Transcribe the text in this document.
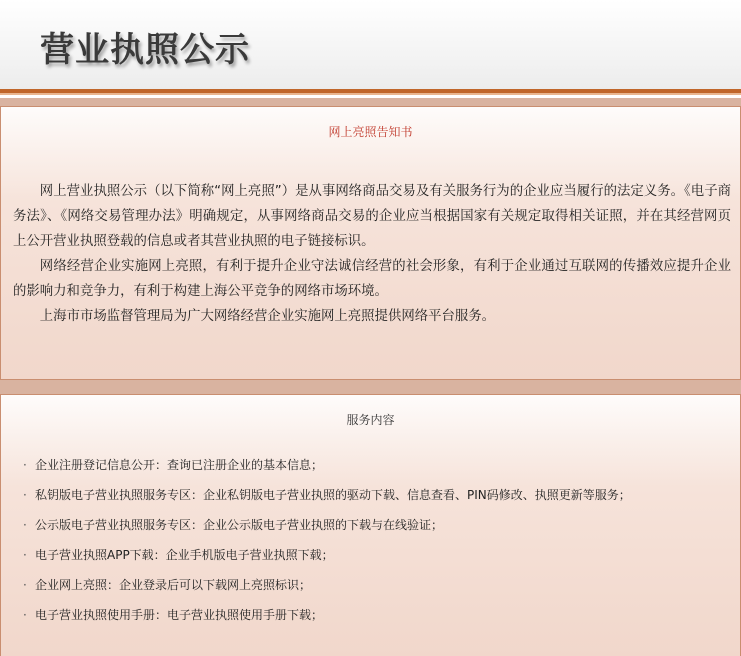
营业执照公示
网上亮照告知书

网上营业执照公示（以下简称“网上亮照”）是从事网络商品交易及有关服务行为的企业应当履行的法定义务。《电子商务法》、《网络交易管理办法》明确规定，从事网络商品交易的企业应当根据国家有关规定取得相关证照，并在其经营网页上公开营业执照登载的信息或者其营业执照的电子链接标识。

网络经营企业实施网上亮照，有利于提升企业守法诚信经营的社会形象，有利于企业通过互联网的传播效应提升企业的影响力和竞争力，有利于构建上海公平竞争的网络市场环境。

上海市市场监督管理局为广大网络经营企业实施网上亮照提供网络平台服务。

服务内容
· 企业注册登记信息公开：查询已注册企业的基本信息；
· 私钥版电子营业执照服务专区：企业私钥版电子营业执照的驱动下载、信息查看、PIN码修改、执照更新等服务；
· 公示版电子营业执照服务专区：企业公示版电子营业执照的下载与在线验证；
· 电子营业执照APP下载：企业手机版电子营业执照下载；
· 企业网上亮照：企业登录后可以下载网上亮照标识；
· 电子营业执照使用手册：电子营业执照使用手册下载；
